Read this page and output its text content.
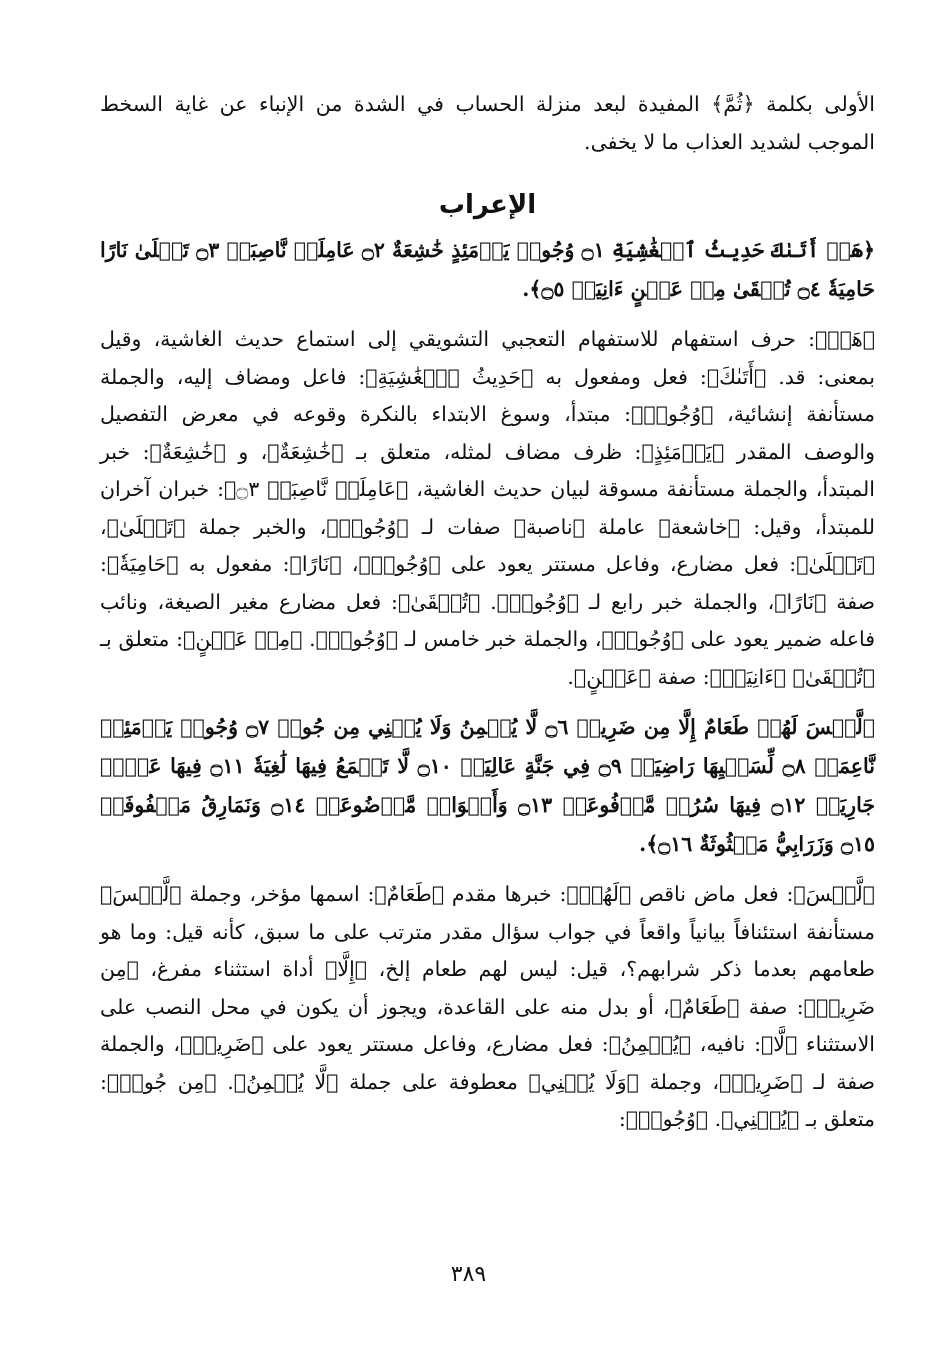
الأولى بكلمة ﴿ثُمَّ﴾ المفيدة لبعد منزلة الحساب في الشدة من الإنباء عن غاية السخط الموجب لشديد العذاب ما لا يخفى.

الإعراب

﴿هَلۡ أَتَىٰكَ حَدِيثُ ٱلۡغَٰشِيَةِ ۝١ وُجُوهٞ يَوۡمَئِذٍ خَٰشِعَةٌ ۝٢ عَامِلَةٞ نَّاصِبَةٞ ۝٣ تَصۡلَىٰ نَارًا حَامِيَةٗ ۝٤ تُسۡقَىٰ مِنۡ عَيۡنٍ ءَانِيَةٖ ۝٥﴾.

﴿هَلۡ﴾: حرف استفهام للاستفهام التعجبي التشويقي إلى استماع حديث الغاشية، وقيل بمعنى: قد. ﴿أَتَىٰكَ﴾: فعل ومفعول به ﴿حَدِيثُ ٱلۡغَٰشِيَةِ﴾: فاعل ومضاف إليه، والجملة مستأنفة إنشائية، ﴿وُجُوهٞ﴾: مبتدأ، وسوغ الابتداء بالنكرة وقوعه في معرض التفصيل والوصف المقدر ﴿يَوۡمَئِذٍ﴾: ظرف مضاف لمثله، متعلق بـ ﴿خَٰشِعَةٌ﴾، و ﴿خَٰشِعَةٌ﴾: خبر المبتدأ، والجملة مستأنفة مسوقة لبيان حديث الغاشية، ﴿عَامِلَةٞ نَّاصِبَةٞ ۝٣﴾: خبران آخران للمبتدأ، وقيل: ﴿خاشعة﴾ عاملة ﴿ناصبة﴾ صفات لـ ﴿وُجُوهٞ﴾، والخبر جملة ﴿تَصۡلَىٰ﴾، ﴿تَصۡلَىٰ﴾: فعل مضارع، وفاعل مستتر يعود على ﴿وُجُوهٞ﴾، ﴿نَارًا﴾: مفعول به ﴿حَامِيَةٗ﴾: صفة ﴿نَارًا﴾، والجملة خبر رابع لـ ﴿وُجُوهٞ﴾. ﴿تُسۡقَىٰ﴾: فعل مضارع مغير الصيغة، ونائب فاعله ضمير يعود على ﴿وُجُوهٞ﴾، والجملة خبر خامس لـ ﴿وُجُوهٞ﴾. ﴿مِنۡ عَيۡنٍ﴾: متعلق بـ ﴿تُسۡقَىٰ﴾ ﴿ءَانِيَةٖ﴾: صفة ﴿عَيۡنٍ﴾.

﴿لَّيۡسَ لَهُمۡ طَعَامٌ إِلَّا مِن ضَرِيعٖ ۝٦ لَّا يُسۡمِنُ وَلَا يُغۡنِي مِن جُوعٖ ۝٧ وُجُوهٞ يَوۡمَئِذٖ نَّاعِمَةٞ ۝٨ لِّسَعۡيِهَا رَاضِيَةٞ ۝٩ فِي جَنَّةٍ عَالِيَةٖ ۝١٠ لَّا تَسۡمَعُ فِيهَا لَٰغِيَةٗ ۝١١ فِيهَا عَيۡنٞ جَارِيَةٞ ۝١٢ فِيهَا سُرُرٞ مَّرۡفُوعَةٞ ۝١٣ وَأَكۡوَابٞ مَّوۡضُوعَةٞ ۝١٤ وَنَمَارِقُ مَصۡفُوفَةٞ ۝١٥ وَزَرَابِيُّ مَبۡثُوثَةٌ ۝١٦﴾.

﴿لَّيۡسَ﴾: فعل ماض ناقص ﴿لَهُمۡ﴾: خبرها مقدم ﴿طَعَامٌ﴾: اسمها مؤخر، وجملة ﴿لَّيۡسَ﴾ مستأنفة استئنافاً بيانياً واقعاً في جواب سؤال مقدر مترتب على ما سبق، كأنه قيل: وما هو طعامهم بعدما ذكر شرابهم؟، قيل: ليس لهم طعام إلخ، ﴿إِلَّا﴾ أداة استثناء مفرغ، ﴿مِن ضَرِيعٖ﴾: صفة ﴿طَعَامٌ﴾، أو بدل منه على القاعدة، ويجوز أن يكون في محل النصب على الاستثناء ﴿لَّا﴾: نافيه، ﴿يُسۡمِنُ﴾: فعل مضارع، وفاعل مستتر يعود على ﴿ضَرِيعٖ﴾، والجملة صفة لـ ﴿ضَرِيعٖ﴾، وجملة ﴿وَلَا يُغۡنِي﴾ معطوفة على جملة ﴿لَّا يُسۡمِنُ﴾. ﴿مِن جُوعٖ﴾: متعلق بـ ﴿يُغۡنِي﴾. ﴿وُجُوهٞ﴾:

٣٨٩
